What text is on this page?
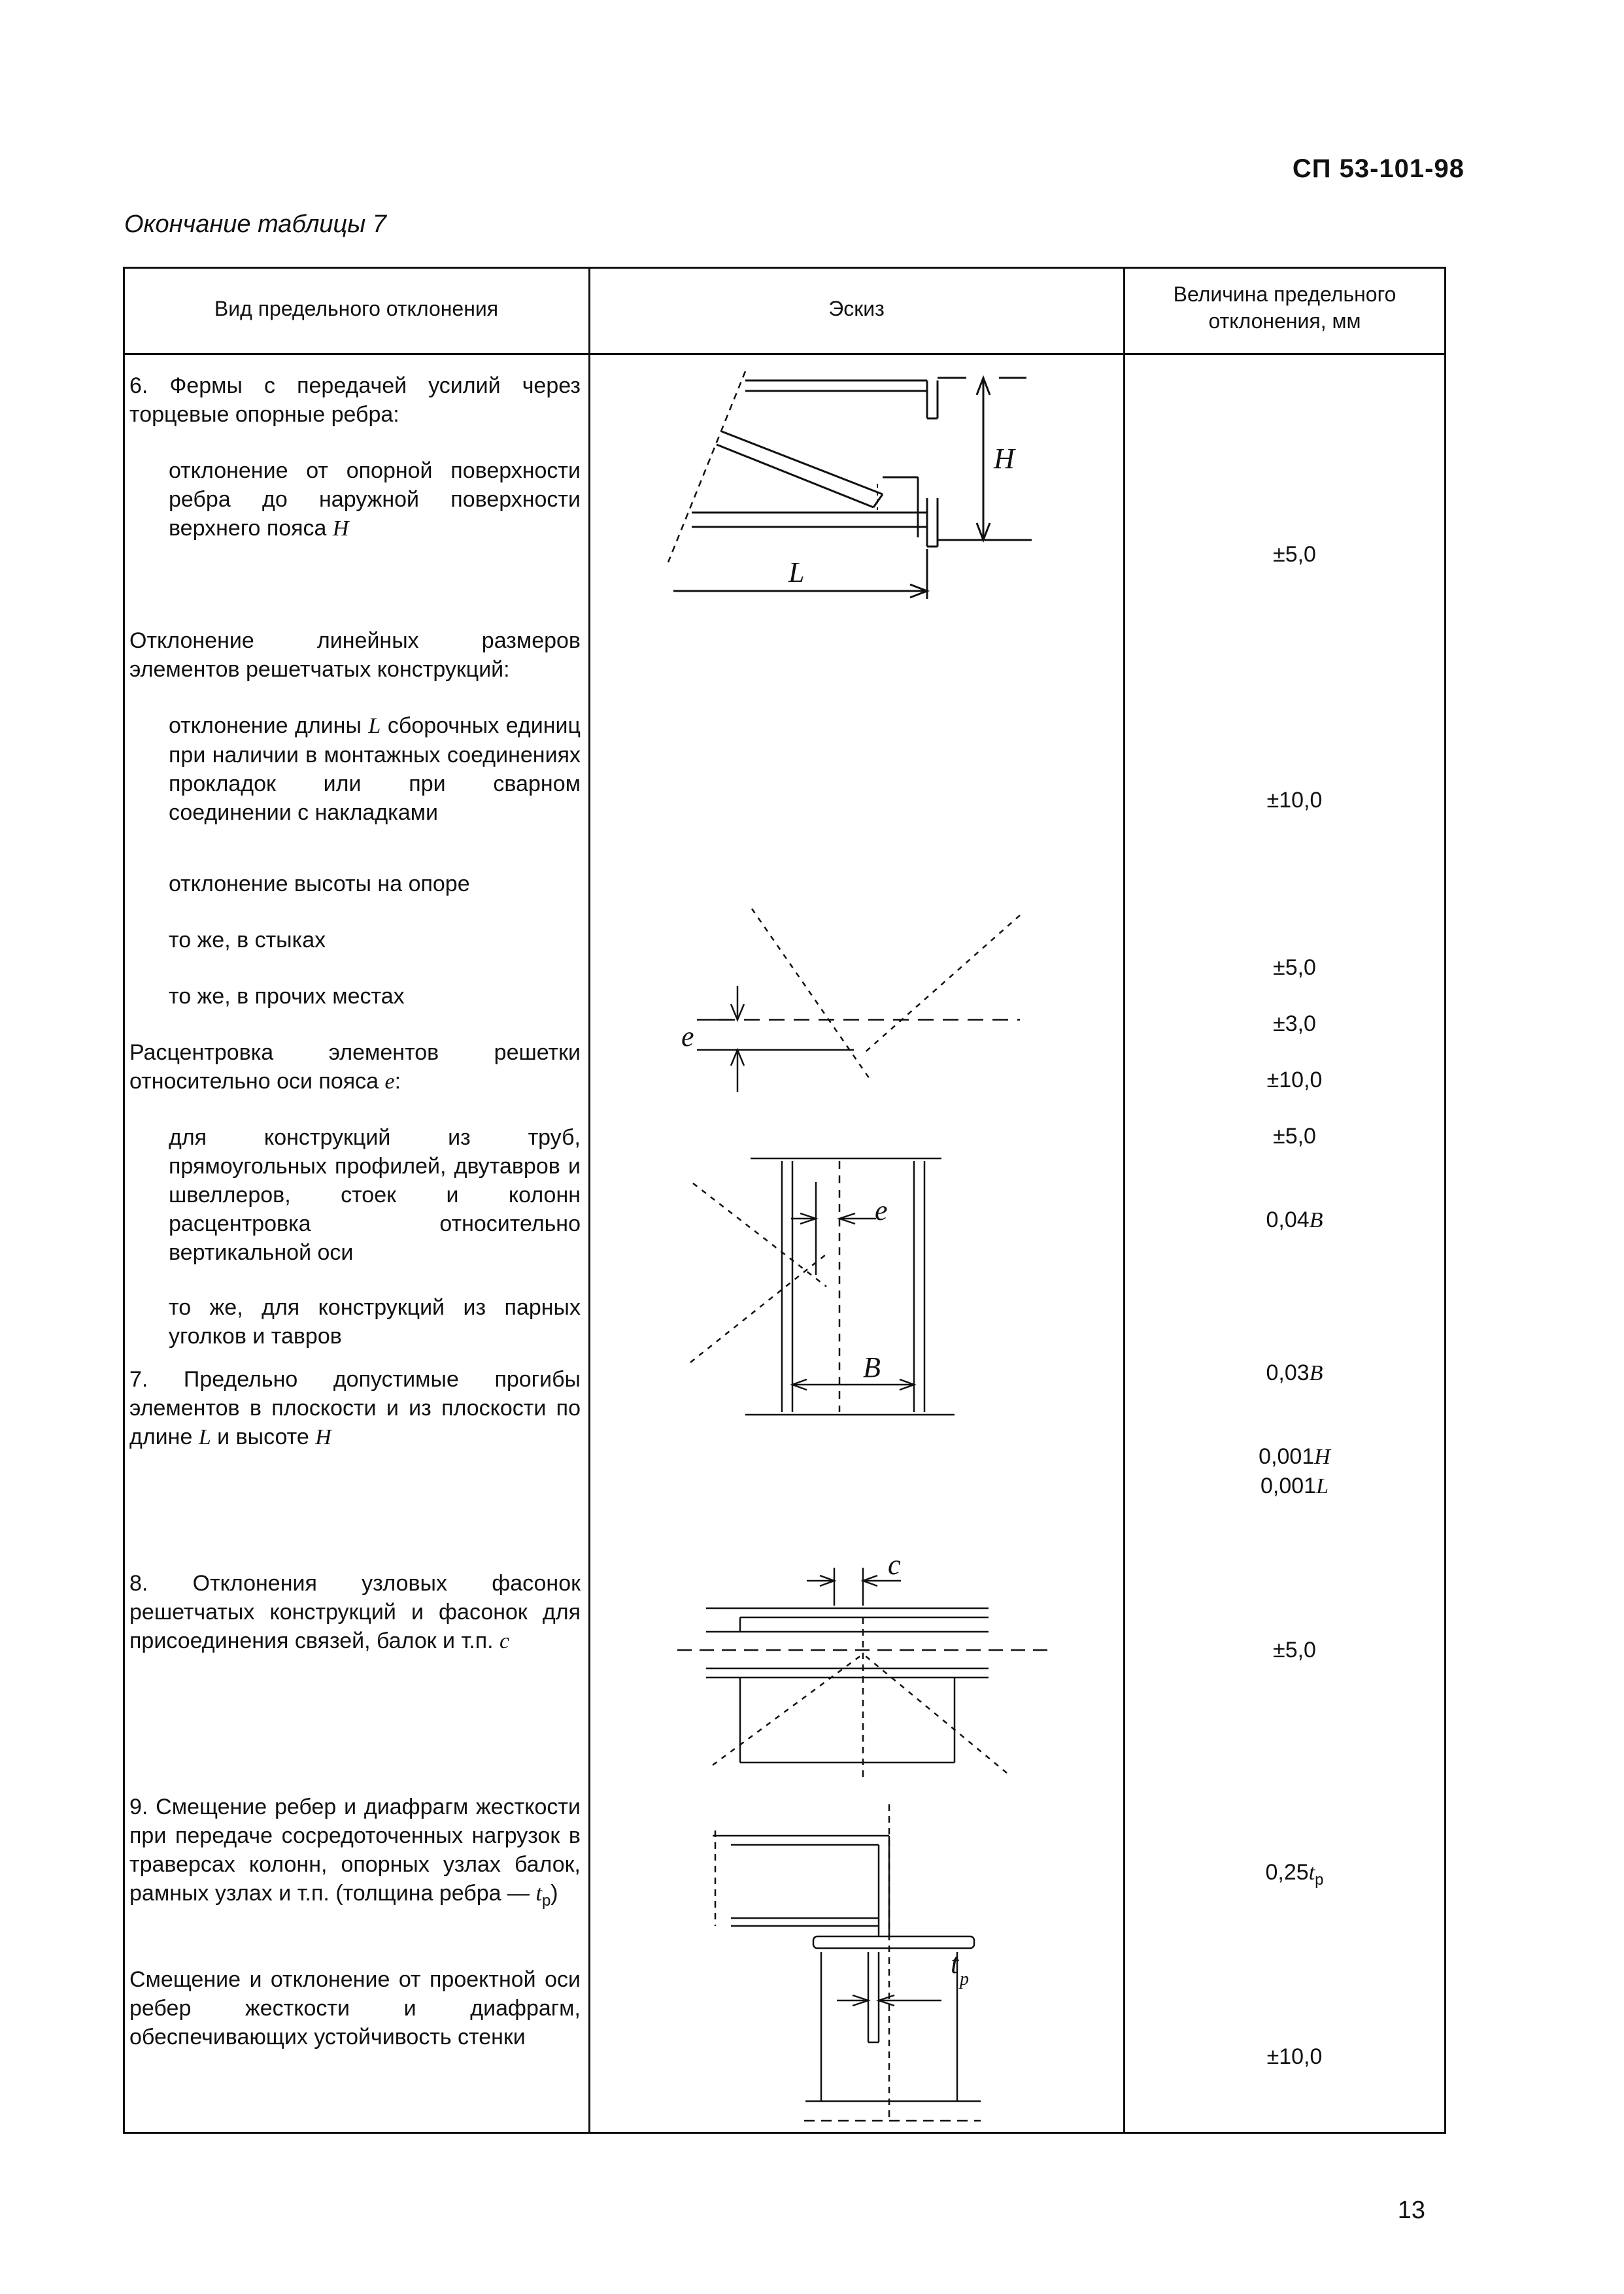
СП 53-101-98
Окончание таблицы 7
Вид предельного отклонения	Эскиз
Величина предельного
отклонения, мм
6. Фермы с передачей усилий через торцевые опорные ребра:
отклонение от опорной поверхности ребра до наружной поверхности верхнего пояса H
Отклонение линейных размеров элементов решетчатых конструкций:
отклонение длины L сборочных единиц при наличии в монтажных соединениях прокладок или при сварном соединении с накладками
отклонение высоты на опоре
то же, в стыках
то же, в прочих местах
Расцентровка элементов решетки относительно оси пояса e:
для конструкций из труб, прямоугольных профилей, двутавров и швеллеров, стоек и колонн расцентровка относительно вертикальной оси
то же, для конструкций из парных уголков и тавров
7. Предельно допустимые прогибы элементов в плоскости и из плоскости по длине L и высоте H
8. Отклонения узловых фасонок решетчатых конструкций и фасонок для присоединения связей, балок и т.п. c
9. Смещение ребер и диафрагм жесткости при передаче сосредоточенных нагрузок в траверсах колонн, опорных узлах балок, рамных узлах и т.п. (толщина ребра — $t_р$)
Смещение и отклонение от проектной оси ребер жесткости и диафрагм, обеспечивающих устойчивость стенки
±5,0
±10,0
±5,0
±3,0
±10,0
±5,0
0,04B
0,03B
0,001H
0,001L
±5,0
$0,25t_р$
±10,0
H
L
e
e
B
c
t р
13
